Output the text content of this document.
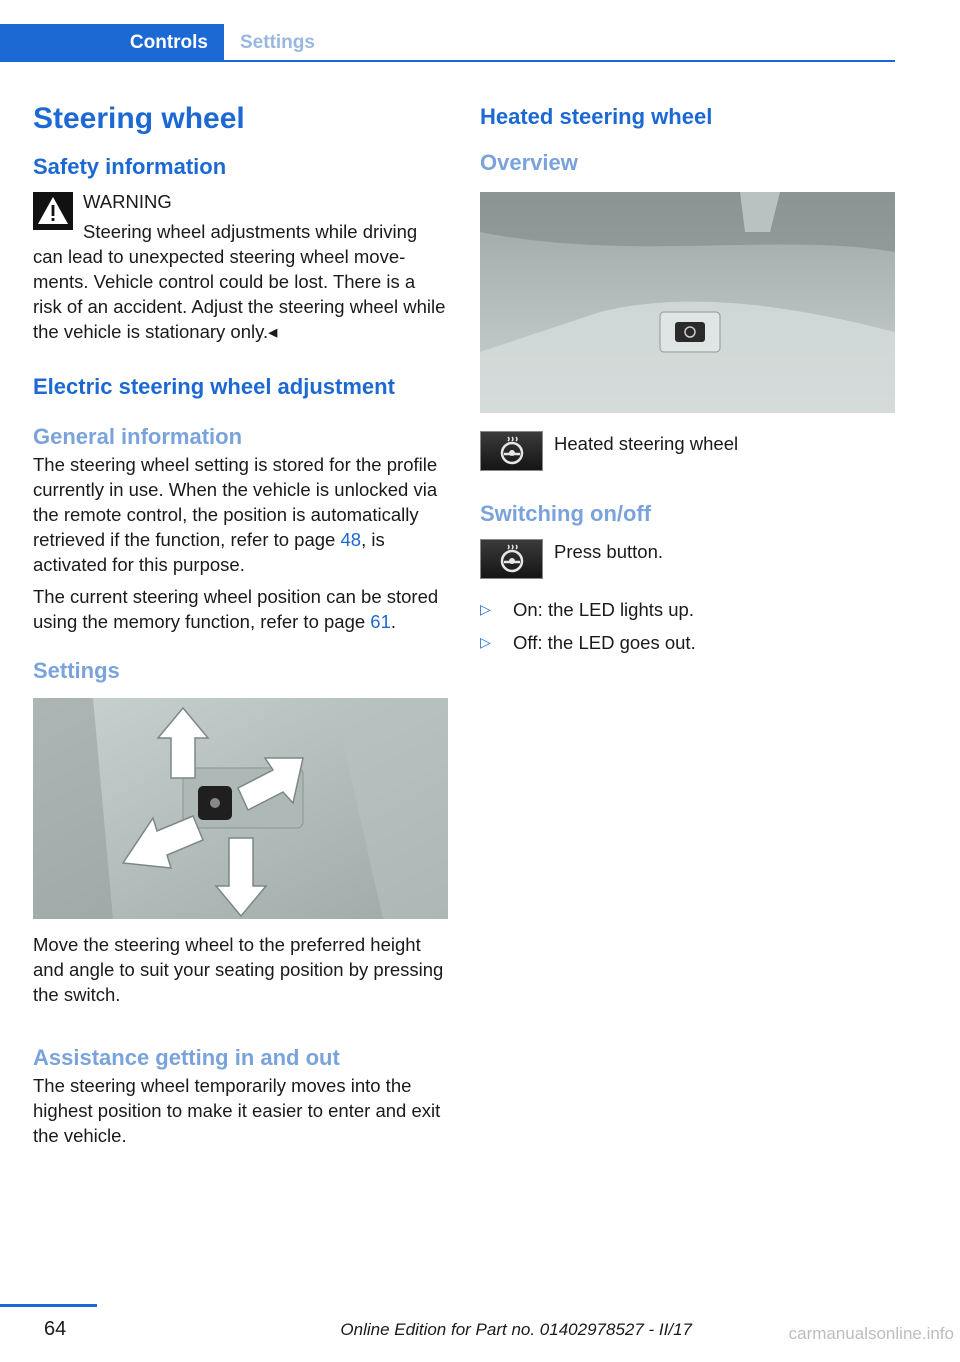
Controls	Settings
Steering wheel
Safety information
WARNING

Steering wheel adjustments while driving can lead to unexpected steering wheel movements. Vehicle control could be lost. There is a risk of an accident. Adjust the steering wheel while the vehicle is stationary only.◂

Electric steering wheel adjustment
General information

The steering wheel setting is stored for the profile currently in use. When the vehicle is unlocked via the remote control, the position is automatically retrieved if the function, refer to page 48, is activated for this purpose.

The current steering wheel position can be stored using the memory function, refer to page 61.

Settings

Move the steering wheel to the preferred height and angle to suit your seating position by pressing the switch.

Assistance getting in and out

The steering wheel temporarily moves into the highest position to make it easier to enter and exit the vehicle.

Heated steering wheel
Overview
Heated steering wheel
Switching on/off
Press button.
▷ On: the LED lights up.
▷ Off: the LED goes out.
64	Online Edition for Part no. 01402978527 - II/17	carmanualsonline.info
